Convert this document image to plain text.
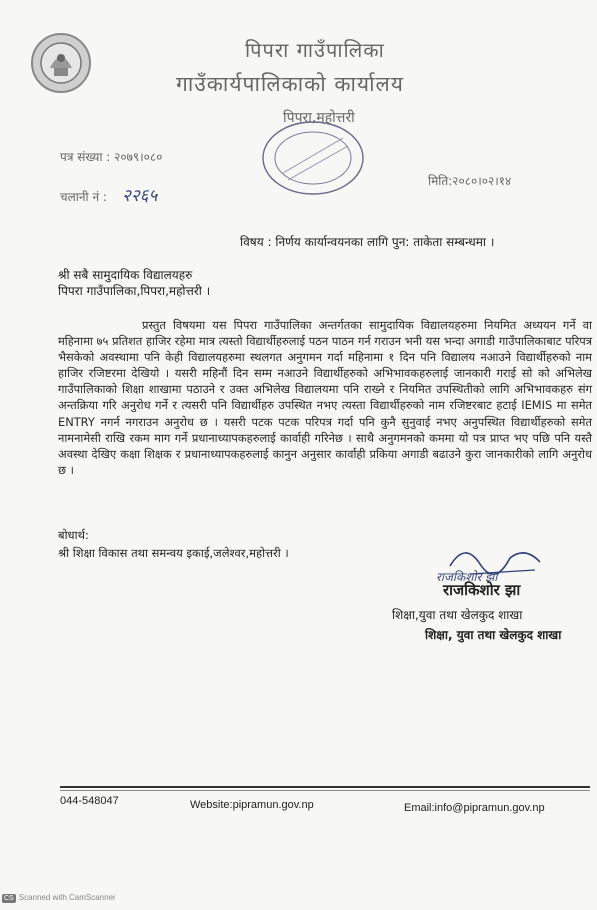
पिपरा गाउँपालिका
गाउँकार्यपालिकाको कार्यालय
पिपरा,महोत्तरी
पत्र संख्या : २०७९।०८०
चलानी नं : २२६५
मिति:२०८०।०२।१४
विषय : निर्णय कार्यान्वयनका लागि पुन: ताकेता सम्बन्धमा ।
श्री सबै सामुदायिक विद्यालयहरु
पिपरा गाउँपालिका,पिपरा,महोत्तरी ।
प्रस्तुत विषयमा यस पिपरा गाउँपालिका अन्तर्गतका सामुदायिक विद्यालयहरुमा नियमित अध्ययन गर्ने वा महिनामा ७५ प्रतिशत हाजिर रहेमा मात्र त्यस्तो विद्यार्थीहरुलाई पठन पाठन गर्न गराउन भनी यस भन्दा अगाडी गाउँपालिकाबाट परिपत्र भैसकेको अवस्थामा पनि केही विद्यालयहरुमा स्थलगत अनुगमन गर्दा महिनामा १ दिन पनि विद्यालय नआउने विद्यार्थीहरुको नाम हाजिर रजिष्टरमा देखियो । यसरी महिनौं दिन सम्म नआउने विद्यार्थीहरुको अभिभावकहरुलाई जानकारी गराई सो को अभिलेख गाउँपालिकाको शिक्षा शाखामा पठाउने र उक्त अभिलेख विद्यालयमा पनि राख्ने र नियमित उपस्थितीको लागि अभिभावकहरु संग अन्तक्रिया गरि अनुरोध गर्ने र त्यसरी पनि विद्यार्थीहरु उपस्थित नभए त्यस्ता विद्यार्थीहरुको नाम रजिष्टरबाट हटाई IEMIS मा समेत ENTRY नगर्न नगराउन अनुरोध छ । यसरी पटक पटक परिपत्र गर्दा पनि कुनै सुनुवाई नभए अनुपस्थित विद्यार्थीहरुको समेत नामनामेसी राखि रकम माग गर्ने प्रधानाध्यापकहरुलाई कार्वाही गरिनेछ । साथै अनुगमनको कममा यो पत्र प्राप्त भए पछि पनि यस्तै अवस्था देखिए कक्षा शिक्षक र प्रधानाध्यापकहरुलाई कानुन अनुसार कार्वाही प्रकिया अगाडी बढाउने कुरा जानकारीको लागि अनुरोध छ ।
बोधार्थ:
श्री शिक्षा विकास तथा समन्वय इकाई,जलेश्वर,महोत्तरी ।
राजकिशोर झा
राजकिशोर झा
शिक्षा,युवा तथा खेलकुद शाखा
शिक्षा, युवा तथा खेलकुद शाखा
044-548047	Website:pipramun.gov.np	Email:info@pipramun.gov.np
CS Scanned with CamScanner
